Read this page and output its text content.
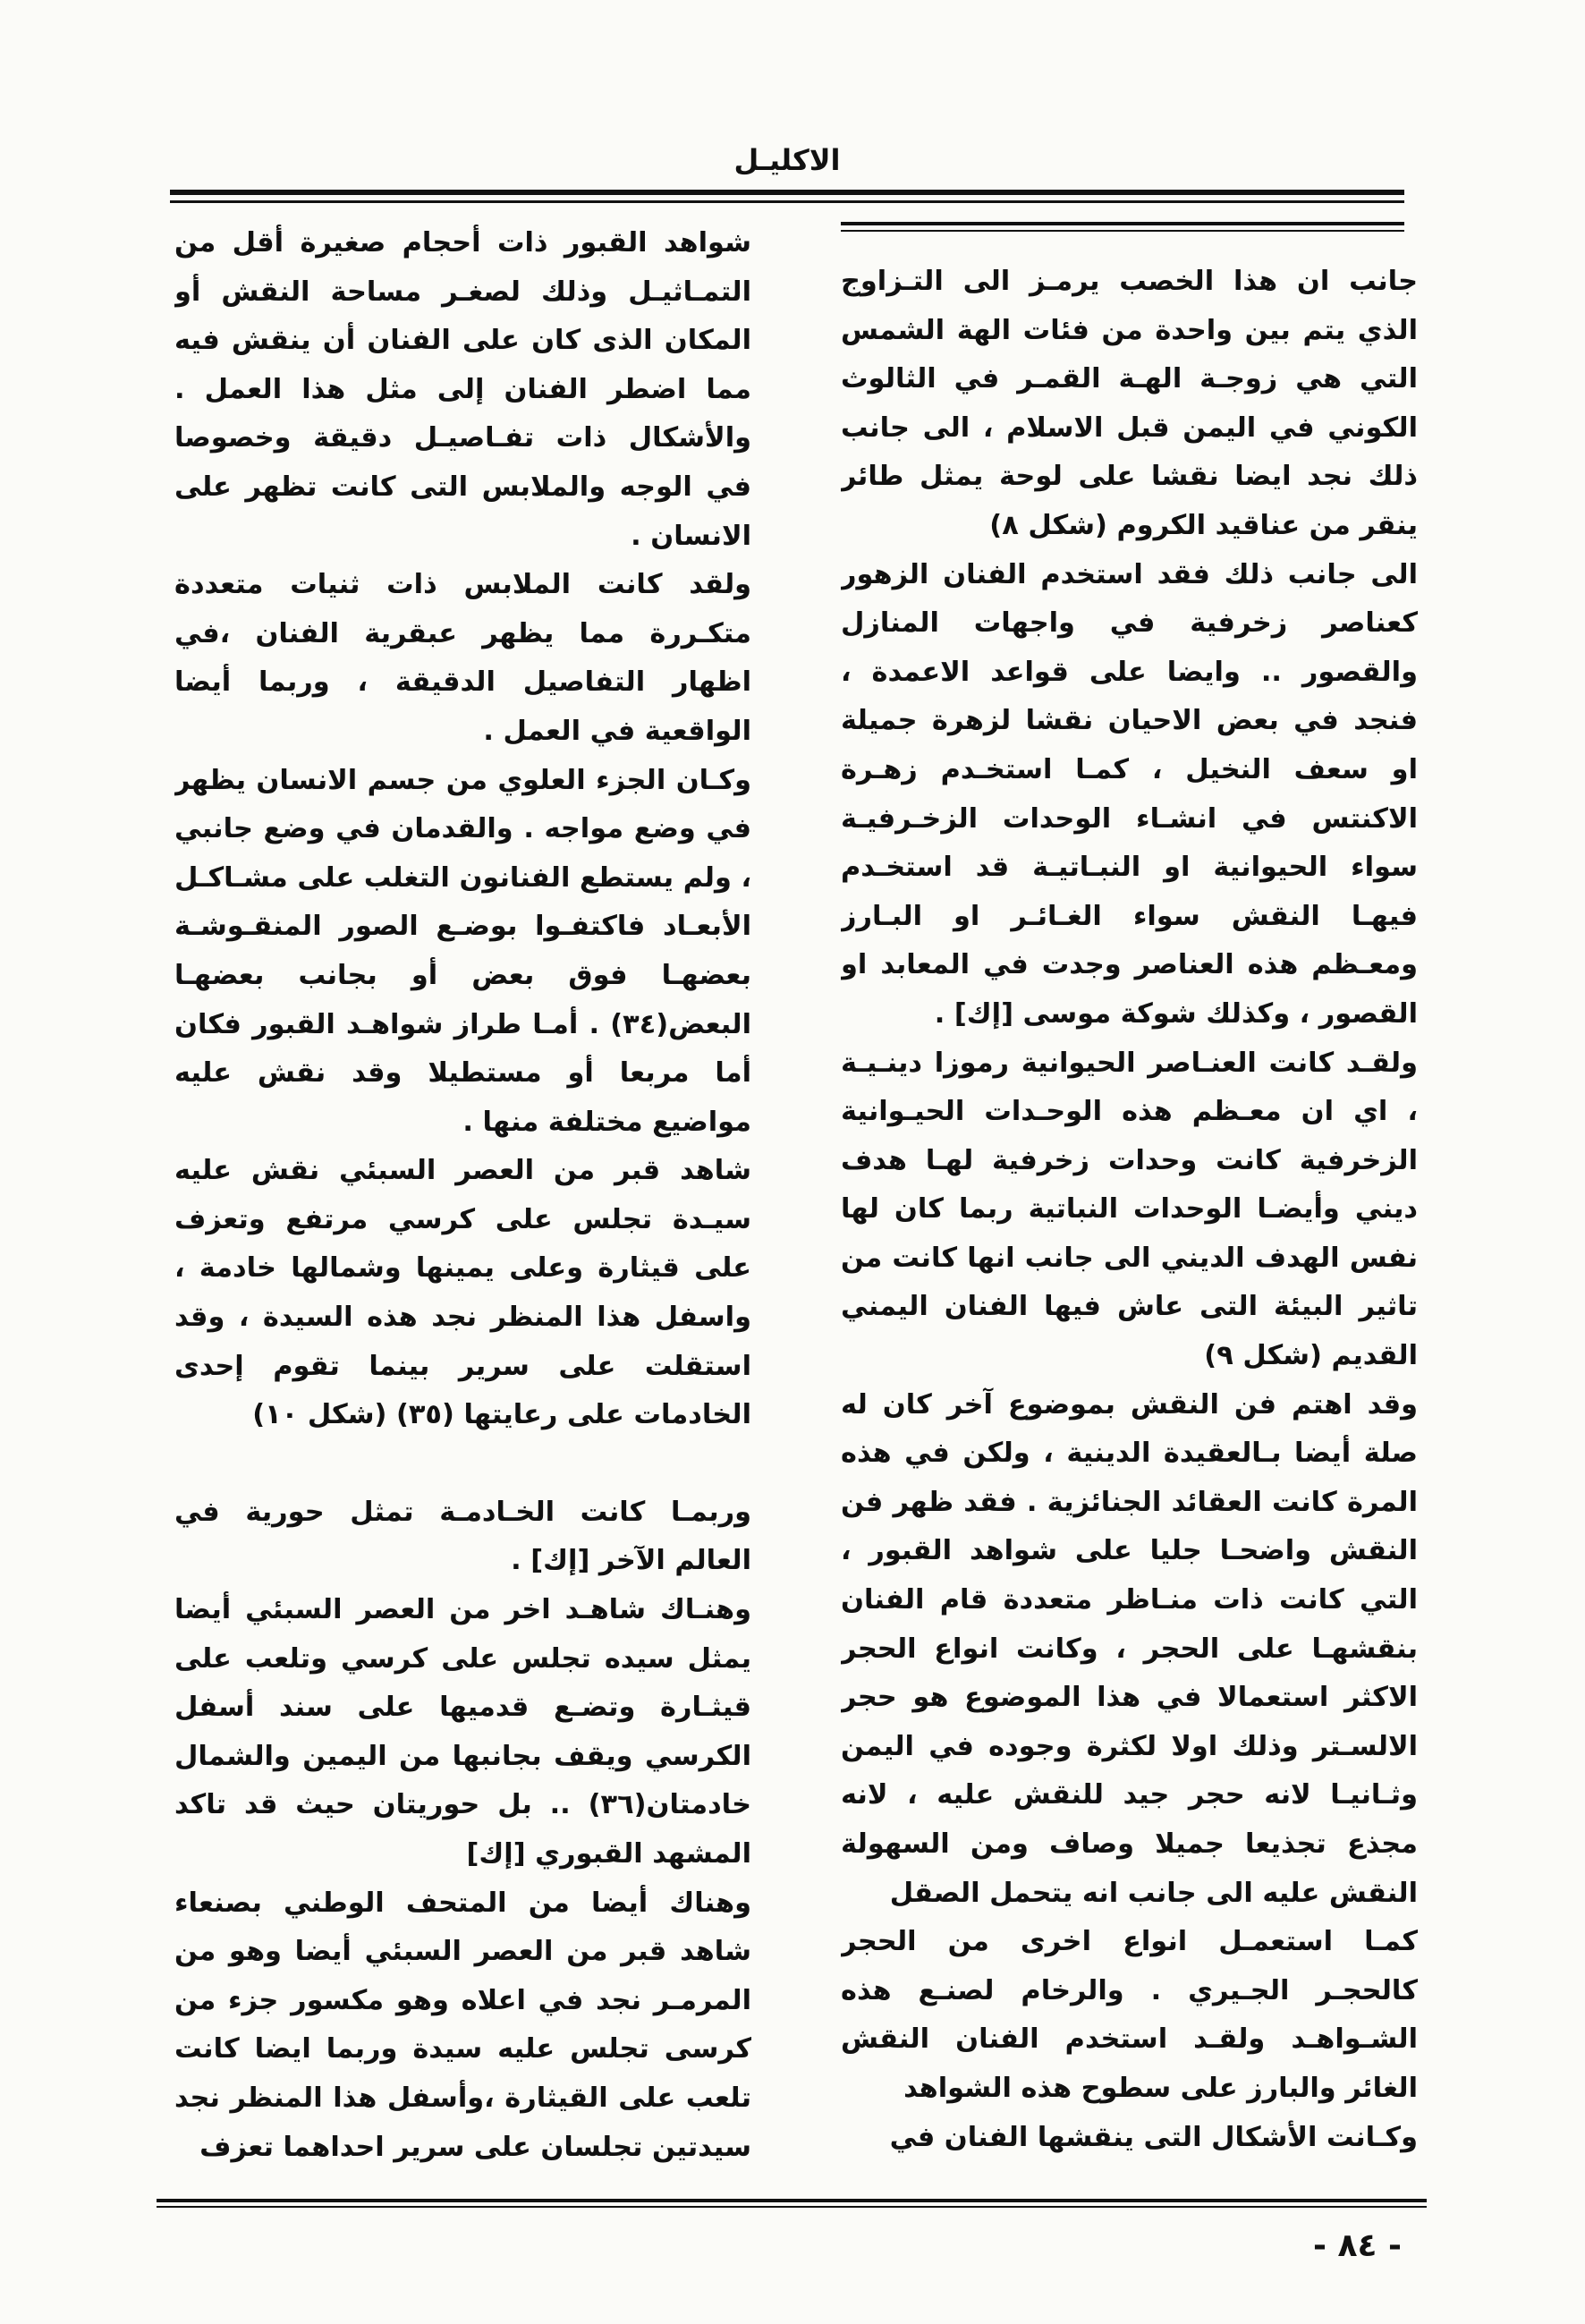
الاكليـل

جانب ان هذا الخصب يرمـز الى التـزاوج الذي يتم بين واحدة من فئات الهة الشمس التي هي زوجـة الهـة القمـر في الثالوث الكوني في اليمن قبل الاسلام ، الى جانب ذلك نجد ايضا نقشا على لوحة يمثل طائر ينقر من عناقيد الكروم (شكل ٨)

الى جانب ذلك فقد استخدم الفنان الزهور كعناصر زخرفية في واجهات المنازل والقصور .. وايضا على قواعد الاعمدة ، فنجد في بعض الاحيان نقشا لزهرة جميلة او سعف النخيل ، كمـا استخـدم زهـرة الاكنتس في انشـاء الوحدات الزخـرفيـة سواء الحيوانية او النبـاتيـة قد استخـدم فيهـا النقش سواء الغـائـر او البـارز ومعـظم هذه العناصر وجدت في المعابد او القصور ، وكذلك شوكة موسى [إك] .

ولقـد كانت العنـاصر الحيوانية رموزا دينـيـة ، اي ان معـظم هذه الوحـدات الحيـوانية الزخرفية كانت وحدات زخرفية لهـا هدف ديني وأيضـا الوحدات النباتية ربما كان لها نفس الهدف الديني الى جانب انها كانت من تاثير البيئة التى عاش فيها الفنان اليمني القديم (شكل ٩)

وقد اهتم فن النقش بموضوع آخر كان له صلة أيضا بـالعقيدة الدينية ، ولكن في هذه المرة كانت العقائد الجنائزية . فقد ظهر فن النقش واضحـا جليا على شواهد القبور ، التي كانت ذات منـاظر متعددة قام الفنان بنقشهـا على الحجر ، وكانت انواع الحجر الاكثر استعمالا في هذا الموضوع هو حجر الالسـتر وذلك اولا لكثرة وجوده في اليمن وثـانيـا لانه حجر جيد للنقش عليه ، لانه مجذع تجذيعا جميلا وصاف ومن السهولة النقش عليه الى جانب انه يتحمل الصقل

كمـا استعمـل انواع اخرى من الحجر كالحجـر الجـيري . والرخام لصنـع هذه الشـواهـد ولقـد استخدم الفنان النقش الغائر والبارز على سطوح هذه الشواهد

وكـانت الأشكال التى ينقشها الفنان في

شواهد القبور ذات أحجام صغيرة أقل من التمـاثيـل وذلك لصغـر مساحة النقش أو المكان الذى كان على الفنان أن ينقش فيه مما اضطر الفنان إلى مثل هذا العمل . والأشكال ذات تفـاصيـل دقيقة وخصوصا في الوجه والملابس التى كانت تظهر على الانسان .

ولقد كانت الملابس ذات ثنيات متعددة متكـررة مما يظهر عبقرية الفنان ،في اظهار التفاصيل الدقيقة ، وربما أيضا الواقعية في العمل .

وكـان الجزء العلوي من جسم الانسان يظهر في وضع مواجه . والقدمان في وضع جانبي ، ولم يستطع الفنانون التغلب على مشـاكـل الأبعـاد فاكتفـوا بوضـع الصور المنقـوشـة بعضهـا فوق بعض أو بجانب بعضهـا البعض(٣٤) . أمـا طراز شواهـد القبور فكان أما مربعا أو مستطيلا وقد نقش عليه مواضيع مختلفة منها .

شاهد قبر من العصر السبئي نقش عليه سيـدة تجلس على كرسي مرتفع وتعزف على قيثارة وعلى يمينها وشمالها خادمة ، واسفل هذا المنظر نجد هذه السيدة ، وقد استقلت على سرير بينما تقوم إحدى الخادمات على رعايتها (٣٥) (شكل ١٠)

وربمـا كانت الخـادمـة تمثل حورية في العالم الآخر [إك] .

وهنـاك شاهـد اخر من العصر السبئي أيضا يمثل سيده تجلس على كرسي وتلعب على قيثـارة وتضـع قدميها على سند أسفل الكرسي ويقف بجانبها من اليمين والشمال خادمتان(٣٦) .. بل حوريتان حيث قد تاكد المشهد القبوري [إك]

وهناك أيضا من المتحف الوطني بصنعاء شاهد قبر من العصر السبئي أيضا وهو من المرمـر نجد في اعلاه وهو مكسور جزء من كرسى تجلس عليه سيدة وربما ايضا كانت تلعب على القيثارة ،وأسفل هذا المنظر نجد سيدتين تجلسان على سرير احداهما تعزف

- ٨٤ -
